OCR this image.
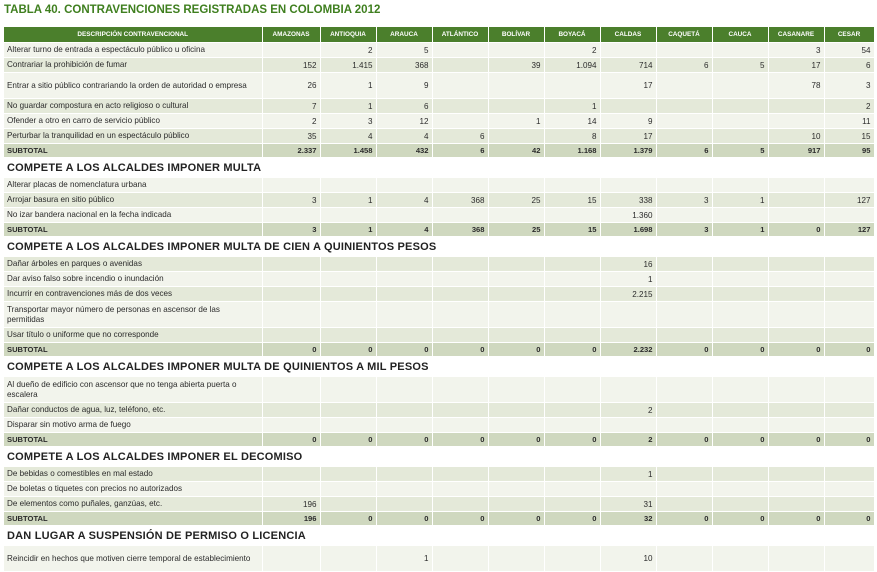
TABLA 40. CONTRAVENCIONES REGISTRADAS EN COLOMBIA 2012
DESCRIPCIÓN CONTRAVENCIONAL	AMAZONAS	ANTIOQUIA	ARAUCA	ATLÁNTICO	BOLÍVAR	BOYACÁ	CALDAS	CAQUETÁ	CAUCA	CASANARE	CESAR
Alterar turno de entrada a espectáculo público u oficina		2	5			2				3	54
Contrariar la prohibición de fumar	152	1.415	368		39	1.094	714	6	5	17	6
Entrar a sitio público contrariando la orden de autoridad o empresa	26	1	9				17			78	3
No guardar compostura en acto religioso o cultural	7	1	6			1					2
Ofender a otro en carro de servicio público	2	3	12		1	14	9				11
Perturbar la tranquilidad en un espectáculo público	35	4	4	6		8	17			10	15
SUBTOTAL	2.337	1.458	432	6	42	1.168	1.379	6	5	917	95
COMPETE A LOS ALCALDES IMPONER MULTA											
Alterar placas de nomenclatura urbana											
Arrojar basura en sitio público	3	1	4	368	25	15	338	3	1		127
No izar bandera nacional en la fecha indicada							1.360				
SUBTOTAL	3	1	4	368	25	15	1.698	3	1	0	127
COMPETE A LOS ALCALDES IMPONER MULTA DE CIEN A QUINIENTOS PESOS											
Dañar árboles en parques o avenidas							16				
Dar aviso falso sobre incendio o inundación							1				
Incurrir en contravenciones más de dos veces							2.215				
Transportar mayor número de personas en ascensor de las permitidas											
Usar título o uniforme que no corresponde											
SUBTOTAL	0	0	0	0	0	0	2.232	0	0	0	0
COMPETE A LOS ALCALDES IMPONER MULTA DE QUINIENTOS A MIL PESOS											
Al dueño de edificio con ascensor que no tenga abierta puerta o escalera											
Dañar conductos de agua, luz, teléfono, etc.							2				
Disparar sin motivo arma de fuego											
SUBTOTAL	0	0	0	0	0	0	2	0	0	0	0
COMPETE A LOS ALCALDES IMPONER EL DECOMISO											
De bebidas o comestibles en mal estado							1				
De boletas o tiquetes con precios no autorizados											
De elementos como puñales, ganzúas, etc.	196						31				
SUBTOTAL	196	0	0	0	0	0	32	0	0	0	0
DAN LUGAR A SUSPENSIÓN DE PERMISO O LICENCIA											
Reincidir en hechos que motiven cierre temporal de establecimiento			1				10				
